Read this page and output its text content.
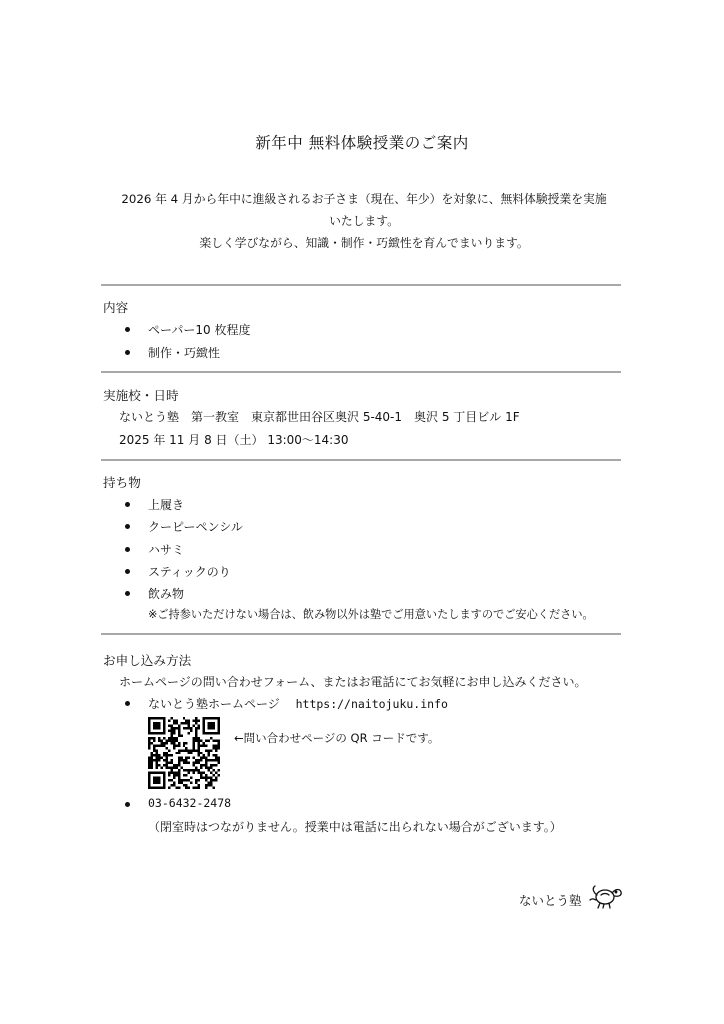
新年中 無料体験授業のご案内

2026 年 4 月から年中に進級されるお子さま（現在、年少）を対象に、無料体験授業を実施

いたします。

楽しく学びながら、知識・制作・巧緻性を育んでまいります。

内容
ペーパー10 枚程度
制作・巧緻性
実施校・日時
ないとう塾　第一教室　東京都世田谷区奥沢 5-40-1　奥沢 5 丁目ビル 1F
2025 年 11 月 8 日（土） 13:00～14:30
持ち物
上履き
クーピーペンシル
ハサミ
スティックのり
飲み物
※ご持参いただけない場合は、飲み物以外は塾でご用意いたしますのでご安心ください。
お申し込み方法
ホームページの問い合わせフォーム、またはお電話にてお気軽にお申し込みください。
ないとう塾ホームページ https://naitojuku.info
←問い合わせページの QR コードです。
03-6432-2478
（閉室時はつながりません。授業中は電話に出られない場合がございます。）
ないとう塾
